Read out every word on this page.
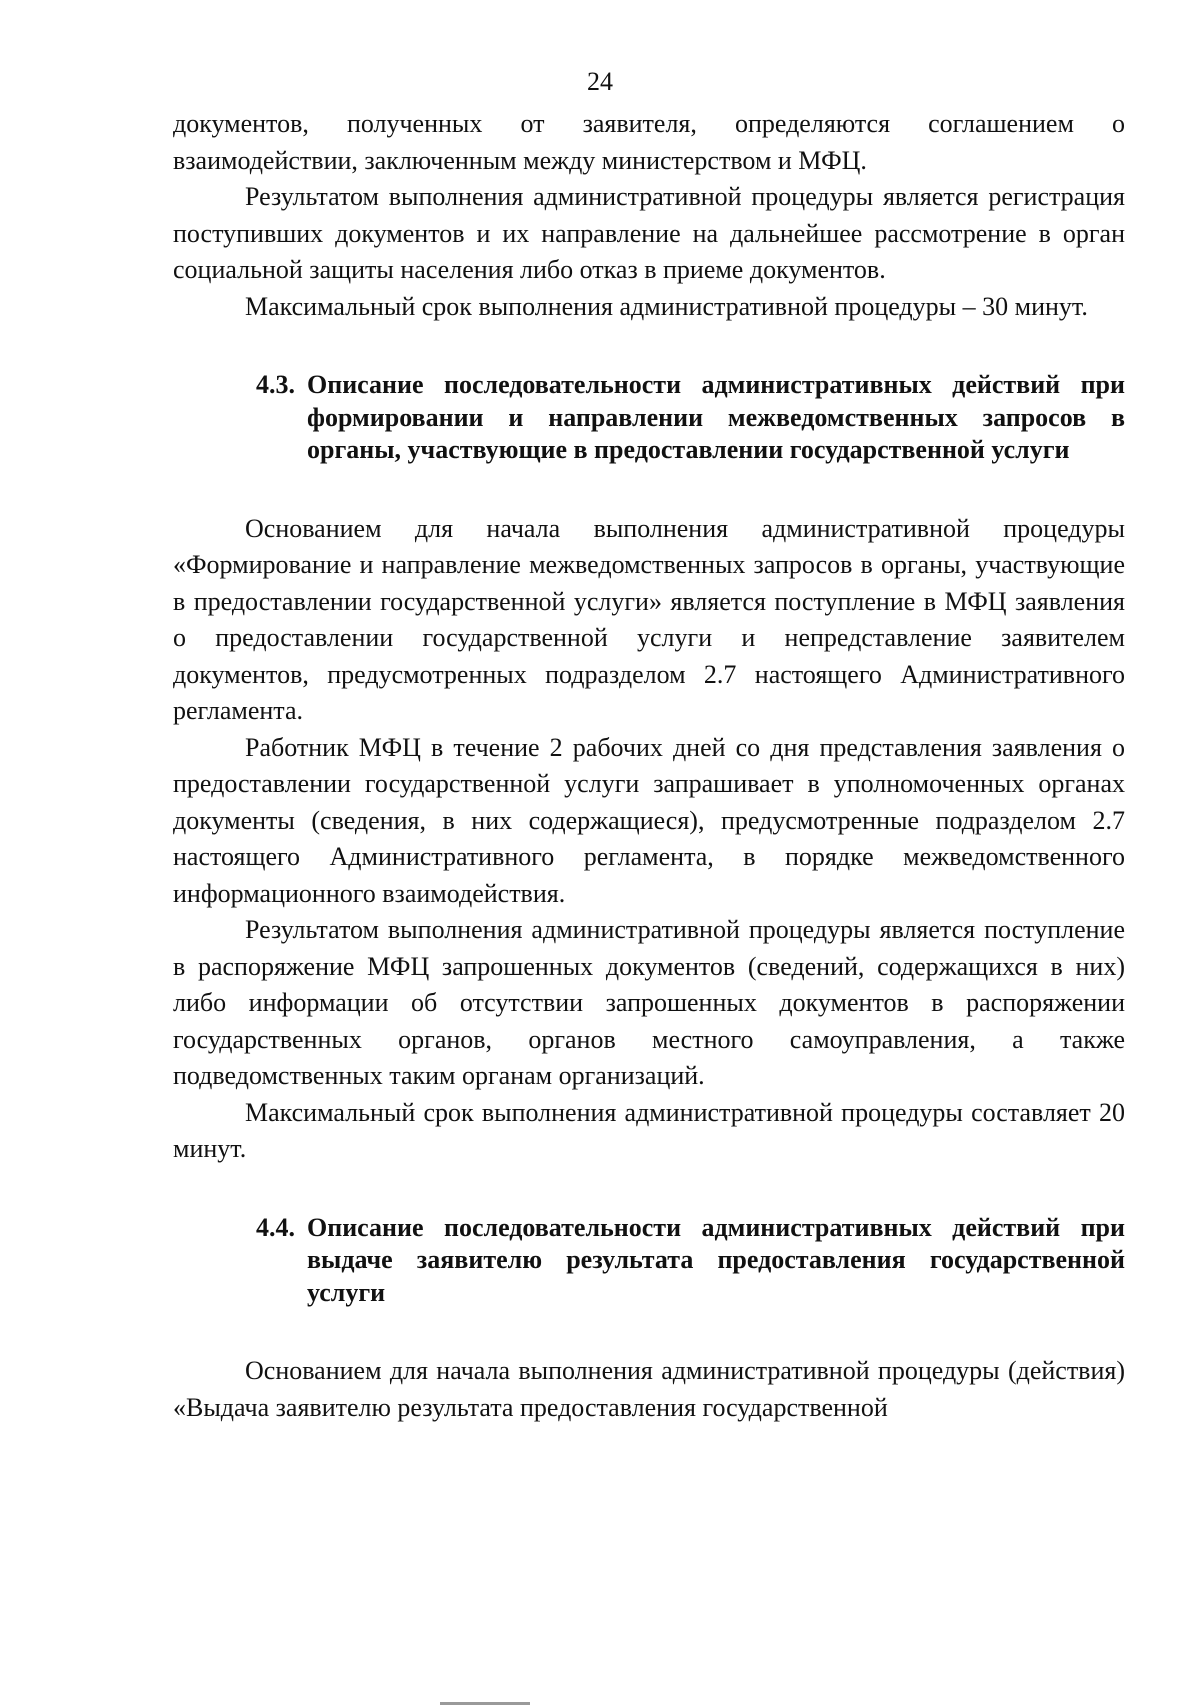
24

документов, полученных от заявителя, определяются соглашением о взаимодействии, заключенным между министерством и МФЦ.

Результатом выполнения административной процедуры является регистрация поступивших документов и их направление на дальнейшее рассмотрение в орган социальной защиты населения либо отказ в приеме документов.

Максимальный срок выполнения административной процедуры – 30 минут.

4.3. Описание последовательности административных действий при формировании и направлении межведомственных запросов в органы, участвующие в предоставлении государственной услуги

Основанием для начала выполнения административной процедуры «Формирование и направление межведомственных запросов в органы, участвующие в предоставлении государственной услуги» является поступление в МФЦ заявления о предоставлении государственной услуги и непредставление заявителем документов, предусмотренных подразделом 2.7 настоящего Административного регламента.

Работник МФЦ в течение 2 рабочих дней со дня представления заявления о предоставлении государственной услуги запрашивает в уполномоченных органах документы (сведения, в них содержащиеся), предусмотренные подразделом 2.7 настоящего Административного регламента, в порядке межведомственного информационного взаимодействия.

Результатом выполнения административной процедуры является поступление в распоряжение МФЦ запрошенных документов (сведений, содержащихся в них) либо информации об отсутствии запрошенных документов в распоряжении государственных органов, органов местного самоуправления, а также подведомственных таким органам организаций.

Максимальный срок выполнения административной процедуры составляет 20 минут.

4.4. Описание последовательности административных действий при выдаче заявителю результата предоставления государственной услуги

Основанием для начала выполнения административной процедуры (действия) «Выдача заявителю результата предоставления государственной
